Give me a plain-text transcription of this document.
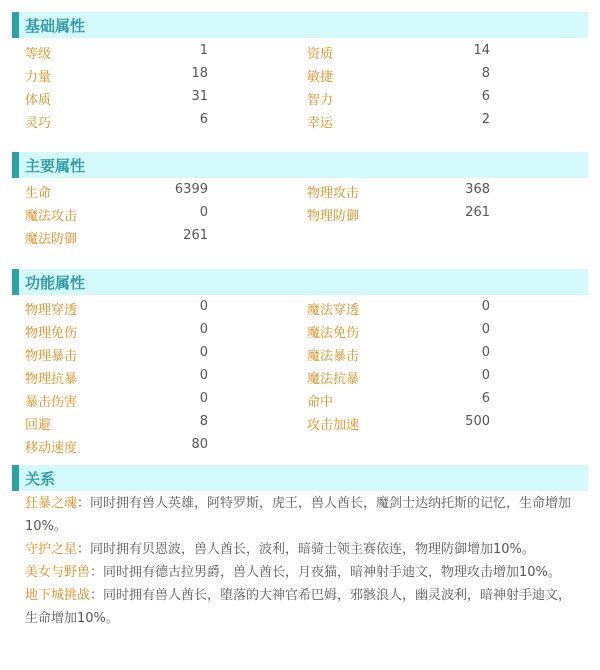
基础属性
等级	1	资质	14
力量	18	敏捷	8
体质	31	智力	6
灵巧	6	幸运	2
主要属性
生命	6399	物理攻击	368
魔法攻击	0	物理防御	261
魔法防御	261
功能属性
物理穿透	0	魔法穿透	0
物理免伤	0	魔法免伤	0
物理暴击	0	魔法暴击	0
物理抗暴	0	魔法抗暴	0
暴击伤害	0	命中	6
回避	8	攻击加速	500
移动速度	80
关系

狂暴之魂：同时拥有兽人英雄，阿特罗斯，虎王，兽人酋长，魔剑士达纳托斯的记忆，生命增加10%。

守护之星：同时拥有贝恩波，兽人酋长，波利，暗骑士领主赛依连，物理防御增加10%。

美女与野兽：同时拥有德古拉男爵，兽人酋长，月夜猫，暗神射手迪文，物理攻击增加10%。

地下城挑战：同时拥有兽人酋长，堕落的大神官希巴姆，邪骸浪人，幽灵波利，暗神射手迪文，生命增加10%。
